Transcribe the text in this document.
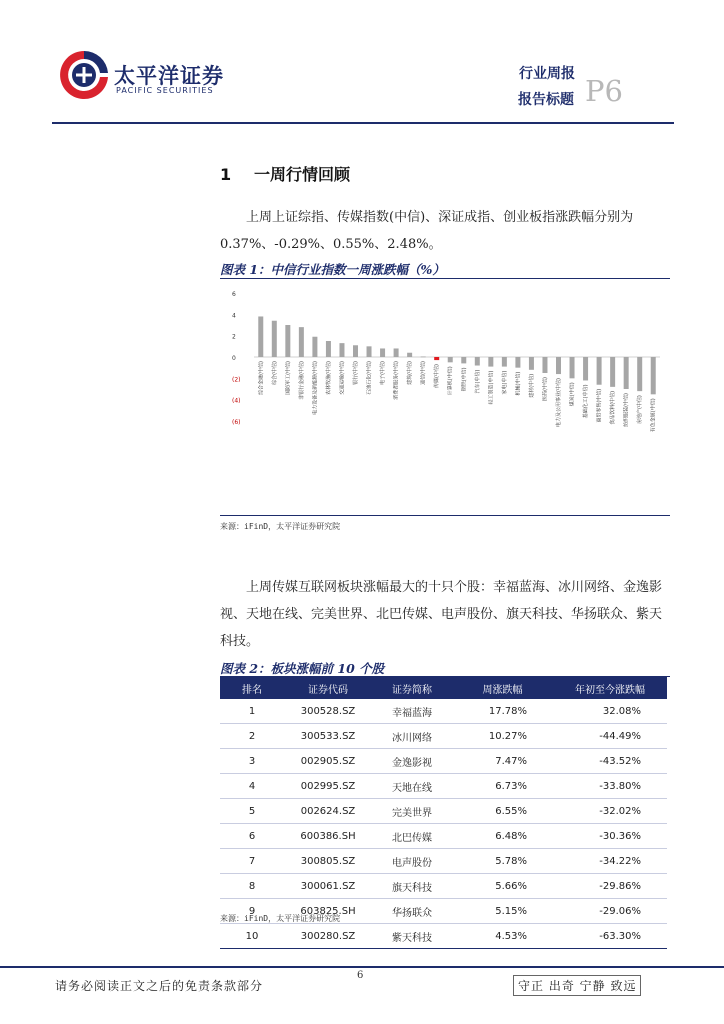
太平洋证券
PACIFIC SECURITIES
行业周报
报告标题 P6
1 一周行情回顾
上周上证综指、传媒指数(中信)、深证成指、创业板指涨跌幅分别为 0.37%、-0.29%、0.55%、2.48%。
图表 1：中信行业指数一周涨跌幅（%）
6
4
2
0
(2)
(4)
(6)
综合金融(中信) 综合(中信) 国防军工(中信) 非银行金融(中信) 电力设备及新能源(中信) 农林牧渔(中信) 交通运输(中信) 银行(中信) 石油石化(中信) 电子(中信) 消费者服务(中信) 建筑(中信) 通信(中信) 传媒(中信) 计算机(中信) 钢铁(中信) 汽车(中信) 轻工制造(中信) 家电(中信) 机械(中信) 建材(中信) 医药(中信) 电力及公用事业(中信) 煤炭(中信) 基础化工(中信) 商贸零售(中信) 食品饮料(中信) 纺织服装(中信) 房地产(中信) 有色金属(中信)
来源：iFinD，太平洋证券研究院
上周传媒互联网板块涨幅最大的十只个股：幸福蓝海、冰川网络、金逸影视、天地在线、完美世界、北巴传媒、电声股份、旗天科技、华扬联众、紫天科技。
图表 2：板块涨幅前 10 个股
排名	证券代码	证券简称	周涨跌幅	年初至今涨跌幅
1	300528.SZ	幸福蓝海	17.78%	32.08%
2	300533.SZ	冰川网络	10.27%	-44.49%
3	002905.SZ	金逸影视	7.47%	-43.52%
4	002995.SZ	天地在线	6.73%	-33.80%
5	002624.SZ	完美世界	6.55%	-32.02%
6	600386.SH	北巴传媒	6.48%	-30.36%
7	300805.SZ	电声股份	5.78%	-34.22%
8	300061.SZ	旗天科技	5.66%	-29.86%
9	603825.SH	华扬联众	5.15%	-29.06%
10	300280.SZ	紫天科技	4.53%	-63.30%
来源：iFinD，太平洋证券研究院
6
请务必阅读正文之后的免责条款部分	守正 出奇 宁静 致远
